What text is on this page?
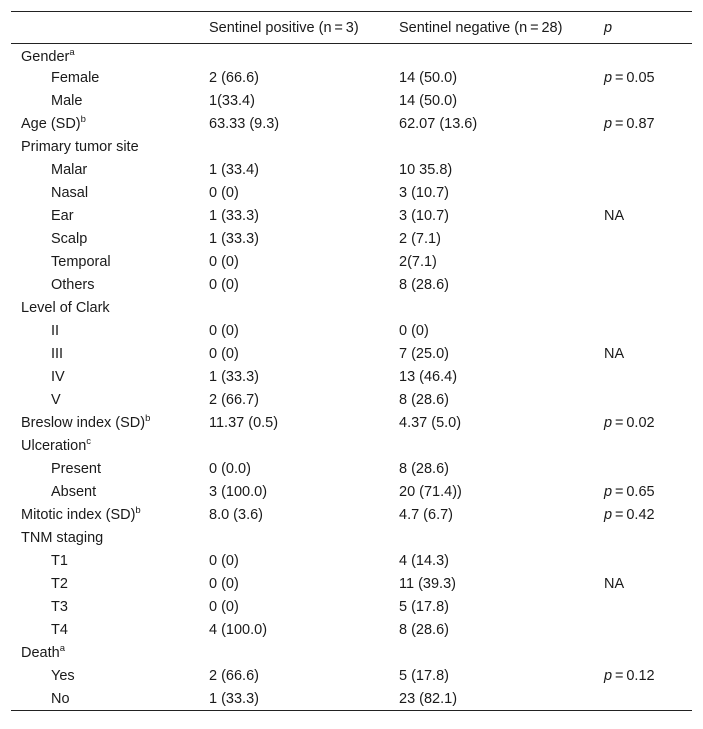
	Sentinel positive (n = 3)	Sentinel negative (n = 28)	p
Gender$^a$			
Female	2 (66.6)	14 (50.0)	p = 0.05
Male	1(33.4)	14 (50.0)	
Age (SD)$^b$	63.33 (9.3)	62.07 (13.6)	p = 0.87
Primary tumor site			
Malar	1 (33.4)	10 35.8)	
Nasal	0 (0)	3 (10.7)	
Ear	1 (33.3)	3 (10.7)	NA
Scalp	1 (33.3)	2 (7.1)	
Temporal	0 (0)	2(7.1)	
Others	0 (0)	8 (28.6)	
Level of Clark			
II	0 (0)	0 (0)	
III	0 (0)	7 (25.0)	NA
IV	1 (33.3)	13 (46.4)	
V	2 (66.7)	8 (28.6)	
Breslow index (SD)$^b$	11.37 (0.5)	4.37 (5.0)	p = 0.02
Ulceration$^c$			
Present	0 (0.0)	8 (28.6)	
Absent	3 (100.0)	20 (71.4))	p = 0.65
Mitotic index (SD)$^b$	8.0 (3.6)	4.7 (6.7)	p = 0.42
TNM staging			
T1	0 (0)	4 (14.3)	
T2	0 (0)	11 (39.3)	NA
T3	0 (0)	5 (17.8)	
T4	4 (100.0)	8 (28.6)	
Death$^a$			
Yes	2 (66.6)	5 (17.8)	p = 0.12
No	1 (33.3)	23 (82.1)	
